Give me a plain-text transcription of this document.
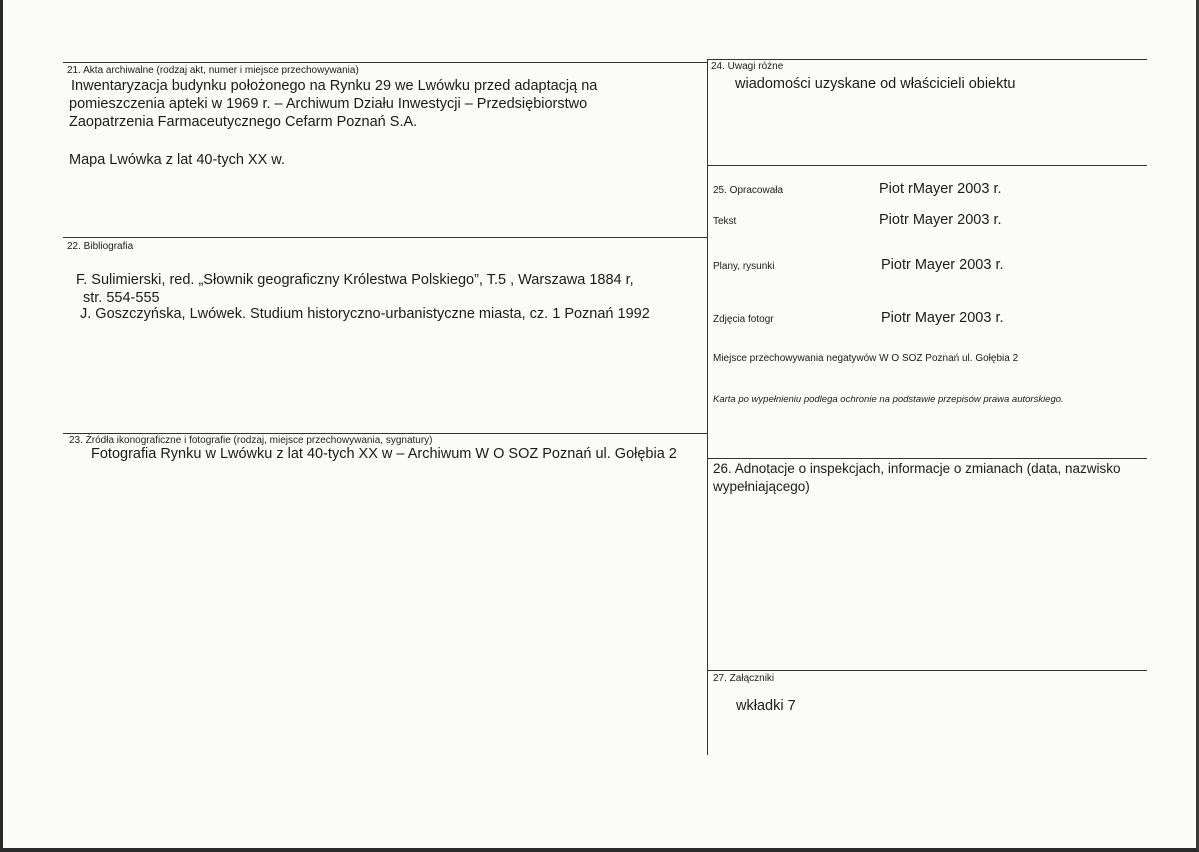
21. Akta archiwalne (rodzaj akt, numer i miejsce przechowywania)
Inwentaryzacja budynku położonego na Rynku 29 we Lwówku przed adaptacją na
pomieszczenia apteki w 1969 r. – Archiwum Działu Inwestycji – Przedsiębiorstwo
Zaopatrzenia Farmaceutycznego Cefarm Poznań S.A.
Mapa Lwówka z lat 40-tych XX w.
22. Bibliografia
F. Sulimierski, red. „Słownik geograficzny Królestwa Polskiego”, T.5 , Warszawa 1884 r,
str. 554-555
J. Goszczyńska, Lwówek. Studium historyczno-urbanistyczne miasta, cz. 1 Poznań 1992
23. Źródła ikonograficzne i fotografie (rodzaj, miejsce przechowywania, sygnatury)
Fotografia Rynku w Lwówku z lat 40-tych XX w – Archiwum W O SOZ Poznań ul. Gołębia 2
24. Uwagi różne
wiadomości uzyskane od właścicieli obiektu
25. Opracowała	Piot rMayer 2003 r.
Tekst	Piotr Mayer 2003 r.
Plany, rysunki	Piotr Mayer 2003 r.
Zdjęcia fotogr	Piotr Mayer 2003 r.
Miejsce przechowywania negatywów W O SOZ Poznań ul. Gołębia 2
Karta po wypełnieniu podlega ochronie na podstawie przepisów prawa autorskiego.
26. Adnotacje o inspekcjach, informacje o zmianach (data, nazwisko
wypełniającego)
27. Załączniki
wkładki 7
